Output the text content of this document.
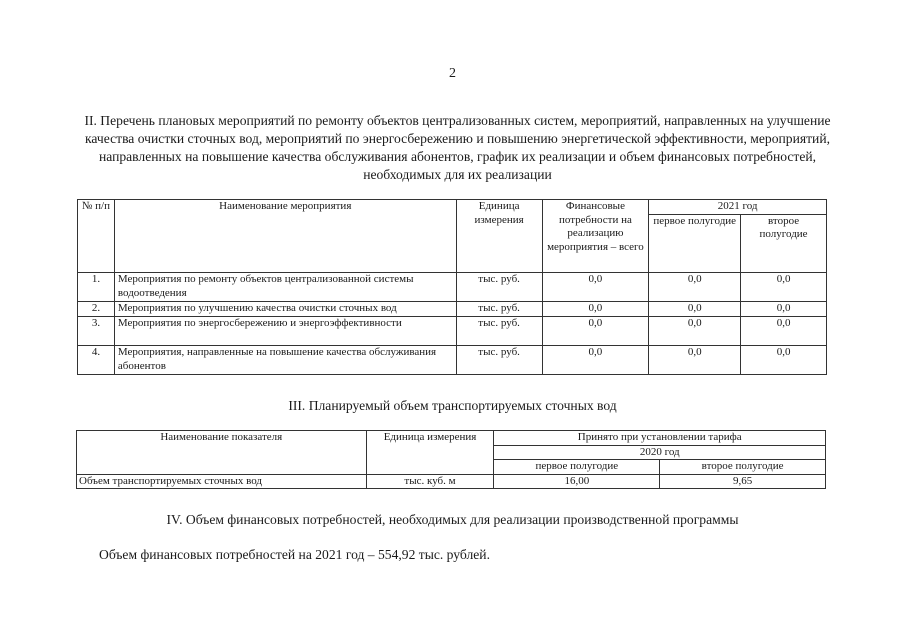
2
II. Перечень плановых мероприятий по ремонту объектов централизованных систем, мероприятий, направленных на улучшение качества очистки сточных вод, мероприятий по энергосбережению и повышению энергетической эффективности, мероприятий, направленных на повышение качества обслуживания абонентов, график их реализации и объем финансовых потребностей, необходимых для их реализации
№ п/п	Наименование мероприятия	Единица измерения	Финансовые потребности на реализацию мероприятия – всего	2021 год	
				первое полугодие	второе полугодие
1.	Мероприятия по ремонту объектов централизованной системы водоотведения	тыс. руб.	0,0	0,0	0,0
2.	Мероприятия по улучшению качества очистки сточных вод	тыс. руб.	0,0	0,0	0,0
3.	Мероприятия по энергосбережению и энергоэффективности	тыс. руб.	0,0	0,0	0,0
4.	Мероприятия, направленные на повышение качества обслуживания абонентов	тыс. руб.	0,0	0,0	0,0
III. Планируемый объем транспортируемых сточных вод
Наименование показателя	Единица измерения	Принято при установлении тарифа	
		2020 год	
		первое полугодие	второе полугодие
Объем транспортируемых сточных вод	тыс. куб. м	16,00	9,65
IV. Объем финансовых потребностей, необходимых для реализации производственной программы
Объем финансовых потребностей на 2021 год – 554,92 тыс. рублей.
